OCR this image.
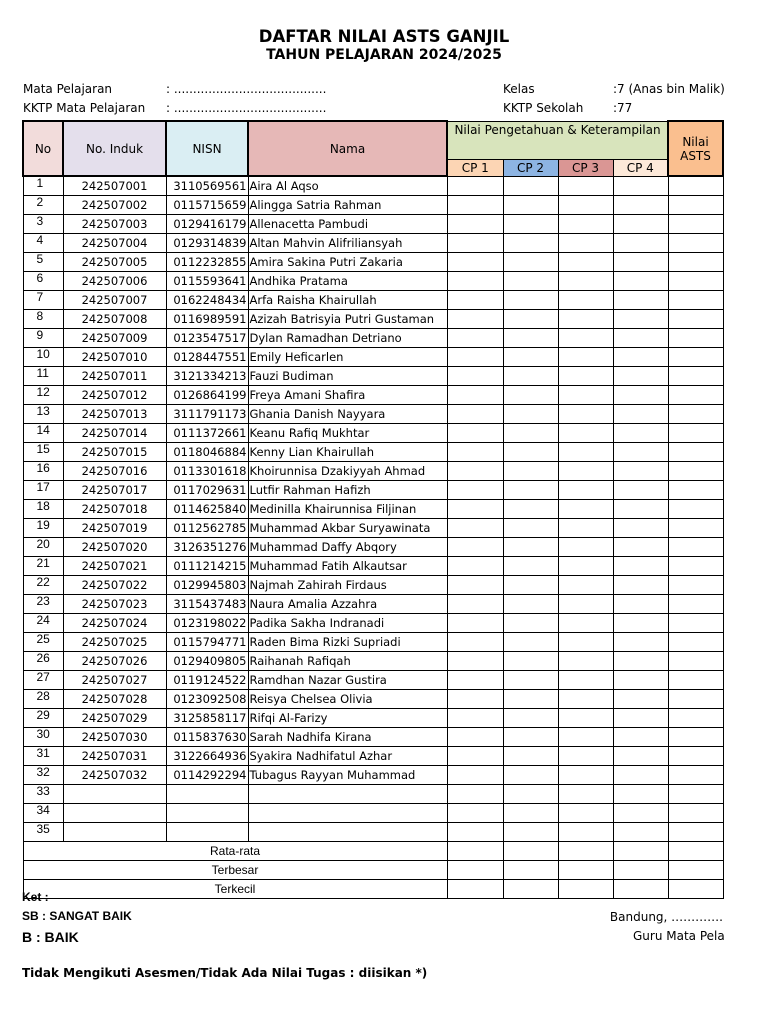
DAFTAR NILAI ASTS GANJIL
TAHUN PELAJARAN 2024/2025
Mata Pelajaran	: ........................................
KKTP Mata Pelajaran : ........................................
Kelas	:7 (Anas bin Malik)
KKTP Sekolah :77
No	No. Induk	NISN	Nama	Nilai Pengetahuan & Keterampilan				Nilai ASTS
				CP 1	CP 2	CP 3	CP 4	
1	242507001	3110569561	Aira Al Aqso					
2	242507002	0115715659	Alingga Satria Rahman					
3	242507003	0129416179	Allenacetta Pambudi					
4	242507004	0129314839	Altan Mahvin Alifriliansyah					
5	242507005	0112232855	Amira Sakina Putri Zakaria					
6	242507006	0115593641	Andhika Pratama					
7	242507007	0162248434	Arfa Raisha Khairullah					
8	242507008	0116989591	Azizah Batrisyia Putri Gustaman					
9	242507009	0123547517	Dylan Ramadhan Detriano					
10	242507010	0128447551	Emily Heficarlen					
11	242507011	3121334213	Fauzi Budiman					
12	242507012	0126864199	Freya Amani Shafira					
13	242507013	3111791173	Ghania Danish Nayyara					
14	242507014	0111372661	Keanu Rafiq Mukhtar					
15	242507015	0118046884	Kenny Lian Khairullah					
16	242507016	0113301618	Khoirunnisa Dzakiyyah Ahmad					
17	242507017	0117029631	Lutfir Rahman Hafizh					
18	242507018	0114625840	Medinilla Khairunnisa Filjinan					
19	242507019	0112562785	Muhammad Akbar Suryawinata					
20	242507020	3126351276	Muhammad Daffy Abqory					
21	242507021	0111214215	Muhammad Fatih Alkautsar					
22	242507022	0129945803	Najmah Zahirah Firdaus					
23	242507023	3115437483	Naura Amalia Azzahra					
24	242507024	0123198022	Padika Sakha Indranadi					
25	242507025	0115794771	Raden Bima Rizki Supriadi					
26	242507026	0129409805	Raihanah Rafiqah					
27	242507027	0119124522	Ramdhan Nazar Gustira					
28	242507028	0123092508	Reisya Chelsea Olivia					
29	242507029	3125858117	Rifqi Al-Farizy					
30	242507030	0115837630	Sarah Nadhifa Kirana					
31	242507031	3122664936	Syakira Nadhifatul Azhar					
32	242507032	0114292294	Tubagus Rayyan Muhammad					
33								
34								
35								
Rata-rata								
Terbesar								
Terkecil								
Ket :
SB : SANGAT BAIK
B : BAIK
Bandung, ………….
Guru Mata Pela
Tidak Mengikuti Asesmen/Tidak Ada Nilai Tugas : diisikan *)
